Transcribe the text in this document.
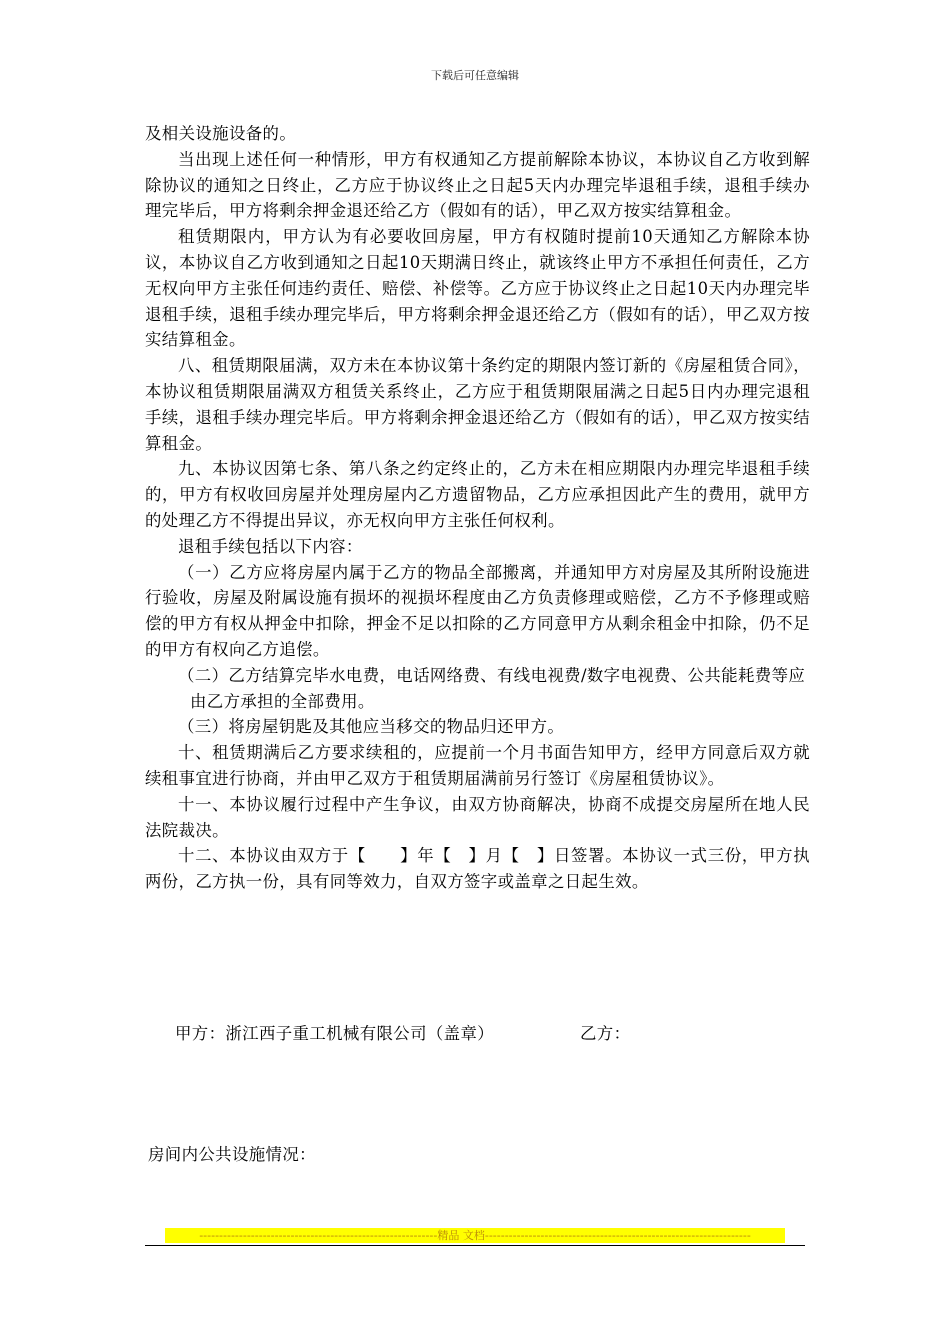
下载后可任意编辑

及相关设施设备的。

当出现上述任何一种情形，甲方有权通知乙方提前解除本协议，本协议自乙方收到解除协议的通知之日终止，乙方应于协议终止之日起5天内办理完毕退租手续，退租手续办理完毕后，甲方将剩余押金退还给乙方（假如有的话），甲乙双方按实结算租金。

租赁期限内，甲方认为有必要收回房屋，甲方有权随时提前10天通知乙方解除本协议，本协议自乙方收到通知之日起10天期满日终止，就该终止甲方不承担任何责任，乙方无权向甲方主张任何违约责任、赔偿、补偿等。乙方应于协议终止之日起10天内办理完毕退租手续，退租手续办理完毕后，甲方将剩余押金退还给乙方（假如有的话），甲乙双方按实结算租金。

八、租赁期限届满，双方未在本协议第十条约定的期限内签订新的《房屋租赁合同》，本协议租赁期限届满双方租赁关系终止，乙方应于租赁期限届满之日起5日内办理完退租手续，退租手续办理完毕后。甲方将剩余押金退还给乙方（假如有的话），甲乙双方按实结算租金。

九、本协议因第七条、第八条之约定终止的，乙方未在相应期限内办理完毕退租手续的，甲方有权收回房屋并处理房屋内乙方遗留物品，乙方应承担因此产生的费用，就甲方的处理乙方不得提出异议，亦无权向甲方主张任何权利。

退租手续包括以下内容：

（一）乙方应将房屋内属于乙方的物品全部搬离，并通知甲方对房屋及其所附设施进行验收，房屋及附属设施有损坏的视损坏程度由乙方负责修理或赔偿，乙方不予修理或赔偿的甲方有权从押金中扣除，押金不足以扣除的乙方同意甲方从剩余租金中扣除，仍不足的甲方有权向乙方追偿。

（二）乙方结算完毕水电费，电话网络费、有线电视费/数字电视费、公共能耗费等应由乙方承担的全部费用。

（三）将房屋钥匙及其他应当移交的物品归还甲方。

十、租赁期满后乙方要求续租的，应提前一个月书面告知甲方，经甲方同意后双方就续租事宜进行协商，并由甲乙双方于租赁期届满前另行签订《房屋租赁协议》。

十一、本协议履行过程中产生争议，由双方协商解决，协商不成提交房屋所在地人民法院裁决。

十二、本协议由双方于【　　】年【　】月【　】日签署。本协议一式三份，甲方执两份，乙方执一份，具有同等效力，自双方签字或盖章之日起生效。

甲方：浙江西子重工机械有限公司（盖章）	乙方：
房间内公共设施情况：
------------------------------------------------------------精品 文档-------------------------------------------------------------------
